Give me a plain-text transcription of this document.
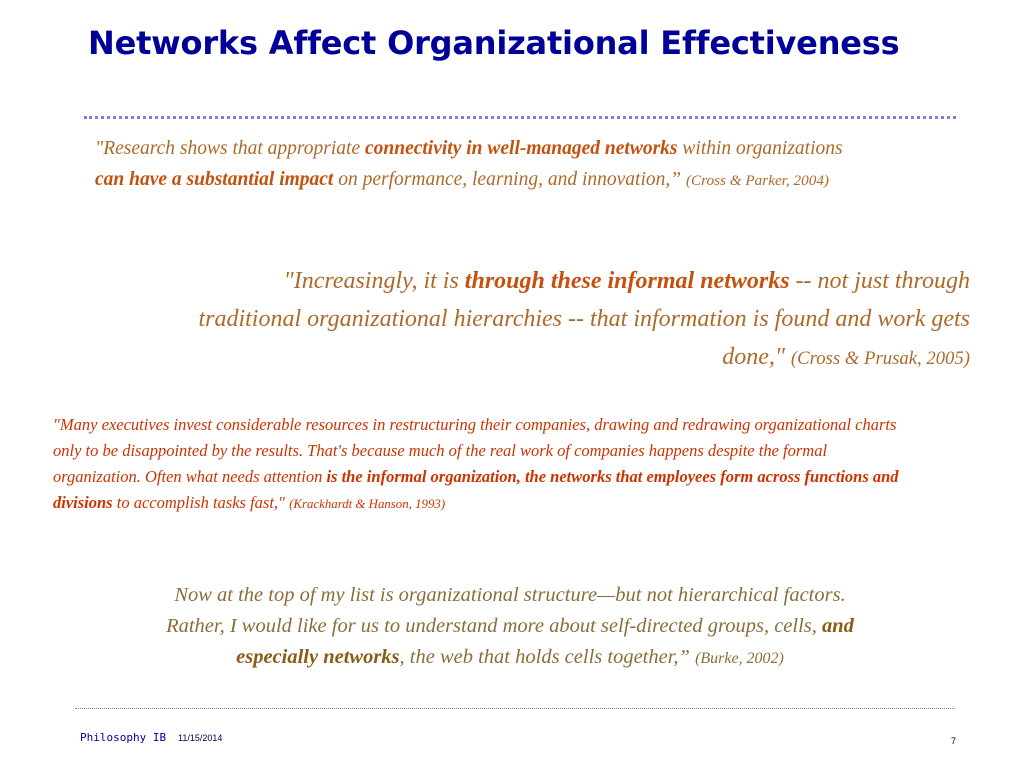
Networks Affect Organizational Effectiveness

"Research shows that appropriate connectivity in well-managed networks within organizations can have a substantial impact on performance, learning, and innovation,” (Cross & Parker, 2004)

"Increasingly, it is through these informal networks -- not just through traditional organizational hierarchies -- that information is found and work gets done," (Cross & Prusak, 2005)

"Many executives invest considerable resources in restructuring their companies, drawing and redrawing organizational charts only to be disappointed by the results. That's because much of the real work of companies happens despite the formal organization. Often what needs attention is the informal organization, the networks that employees form across functions and divisions to accomplish tasks fast," (Krackhardt & Hanson, 1993)

Now at the top of my list is organizational structure—but not hierarchical factors. Rather, I would like for us to understand more about self-directed groups, cells, and especially networks, the web that holds cells together,” (Burke, 2002)

Philosophy IB 11/15/2014	7
